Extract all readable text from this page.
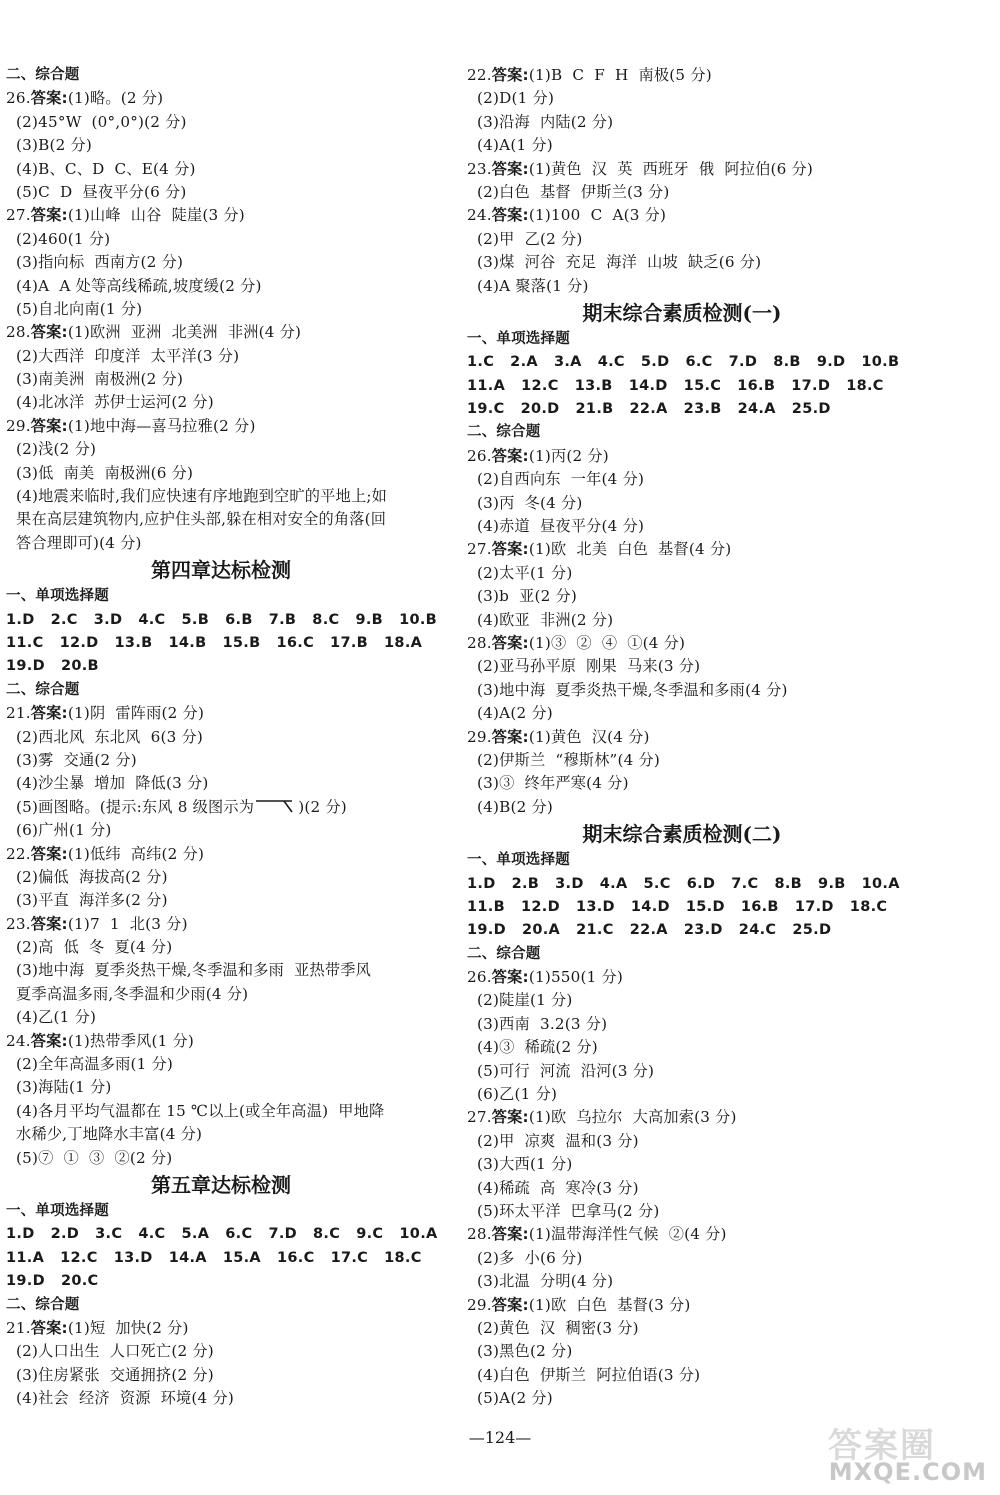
二、综合题
26.答案:(1)略。(2 分)
(2)45°W  (0°,0°)(2 分)
(3)B(2 分)
(4)B、C、D  C、E(4 分)
(5)C  D  昼夜平分(6 分)
27.答案:(1)山峰  山谷  陡崖(3 分)
(2)460(1 分)
(3)指向标  西南方(2 分)
(4)A  A 处等高线稀疏,坡度缓(2 分)
(5)自北向南(1 分)
28.答案:(1)欧洲  亚洲  北美洲  非洲(4 分)
(2)大西洋  印度洋  太平洋(3 分)
(3)南美洲  南极洲(2 分)
(4)北冰洋  苏伊士运河(2 分)
29.答案:(1)地中海—喜马拉雅(2 分)
(2)浅(2 分)
(3)低  南美  南极洲(6 分)
(4)地震来临时,我们应快速有序地跑到空旷的平地上;如
果在高层建筑物内,应护住头部,躲在相对安全的角落(回
答合理即可)(4 分)
第四章达标检测
一、单项选择题
1.D   2.C   3.D   4.C   5.B   6.B   7.B   8.C   9.B   10.B
11.C   12.D   13.B   14.B   15.B   16.C   17.B   18.A
19.D   20.B
二、综合题
21.答案:(1)阴  雷阵雨(2 分)
(2)西北风  东北风  6(3 分)
(3)雾  交通(2 分)
(4)沙尘暴  增加  降低(3 分)
(5)画图略。(提示:东风 8 级图示为	)(2 分)
(6)广州(1 分)
22.答案:(1)低纬  高纬(2 分)
(2)偏低  海拔高(2 分)
(3)平直  海洋多(2 分)
23.答案:(1)7  1  北(3 分)
(2)高  低  冬  夏(4 分)
(3)地中海  夏季炎热干燥,冬季温和多雨  亚热带季风
夏季高温多雨,冬季温和少雨(4 分)
(4)乙(1 分)
24.答案:(1)热带季风(1 分)
(2)全年高温多雨(1 分)
(3)海陆(1 分)
(4)各月平均气温都在 15 ℃以上(或全年高温)  甲地降
水稀少,丁地降水丰富(4 分)
(5)⑦  ①  ③  ②(2 分)
第五章达标检测
一、单项选择题
1.D   2.D   3.C   4.C   5.A   6.C   7.D   8.C   9.C   10.A
11.A   12.C   13.D   14.A   15.A   16.C   17.C   18.C
19.D   20.C
二、综合题
21.答案:(1)短  加快(2 分)
(2)人口出生  人口死亡(2 分)
(3)住房紧张  交通拥挤(2 分)
(4)社会  经济  资源  环境(4 分)
22.答案:(1)B  C  F  H  南极(5 分)
(2)D(1 分)
(3)沿海  内陆(2 分)
(4)A(1 分)
23.答案:(1)黄色  汉  英  西班牙  俄  阿拉伯(6 分)
(2)白色  基督  伊斯兰(3 分)
24.答案:(1)100  C  A(3 分)
(2)甲  乙(2 分)
(3)煤  河谷  充足  海洋  山坡  缺乏(6 分)
(4)A 聚落(1 分)
期末综合素质检测(一)
一、单项选择题
1.C   2.A   3.A   4.C   5.D   6.C   7.D   8.B   9.D   10.B
11.A   12.C   13.B   14.D   15.C   16.B   17.D   18.C
19.C   20.D   21.B   22.A   23.B   24.A   25.D
二、综合题
26.答案:(1)丙(2 分)
(2)自西向东  一年(4 分)
(3)丙  冬(4 分)
(4)赤道  昼夜平分(4 分)
27.答案:(1)欧  北美  白色  基督(4 分)
(2)太平(1 分)
(3)b  亚(2 分)
(4)欧亚  非洲(2 分)
28.答案:(1)③  ②  ④  ①(4 分)
(2)亚马孙平原  刚果  马来(3 分)
(3)地中海  夏季炎热干燥,冬季温和多雨(4 分)
(4)A(2 分)
29.答案:(1)黄色  汉(4 分)
(2)伊斯兰  “穆斯林”(4 分)
(3)③  终年严寒(4 分)
(4)B(2 分)
期末综合素质检测(二)
一、单项选择题
1.D   2.B   3.D   4.A   5.C   6.D   7.C   8.B   9.B   10.A
11.B   12.D   13.D   14.D   15.D   16.B   17.D   18.C
19.D   20.A   21.C   22.A   23.D   24.C   25.D
二、综合题
26.答案:(1)550(1 分)
(2)陡崖(1 分)
(3)西南  3.2(3 分)
(4)③  稀疏(2 分)
(5)可行  河流  沿河(3 分)
(6)乙(1 分)
27.答案:(1)欧  乌拉尔  大高加索(3 分)
(2)甲  凉爽  温和(3 分)
(3)大西(1 分)
(4)稀疏  高  寒冷(3 分)
(5)环太平洋  巴拿马(2 分)
28.答案:(1)温带海洋性气候  ②(4 分)
(2)多  小(6 分)
(3)北温  分明(4 分)
29.答案:(1)欧  白色  基督(3 分)
(2)黄色  汉  稠密(3 分)
(3)黑色(2 分)
(4)白色  伊斯兰  阿拉伯语(3 分)
(5)A(2 分)
—124—	答案圈
MXQE.COM
